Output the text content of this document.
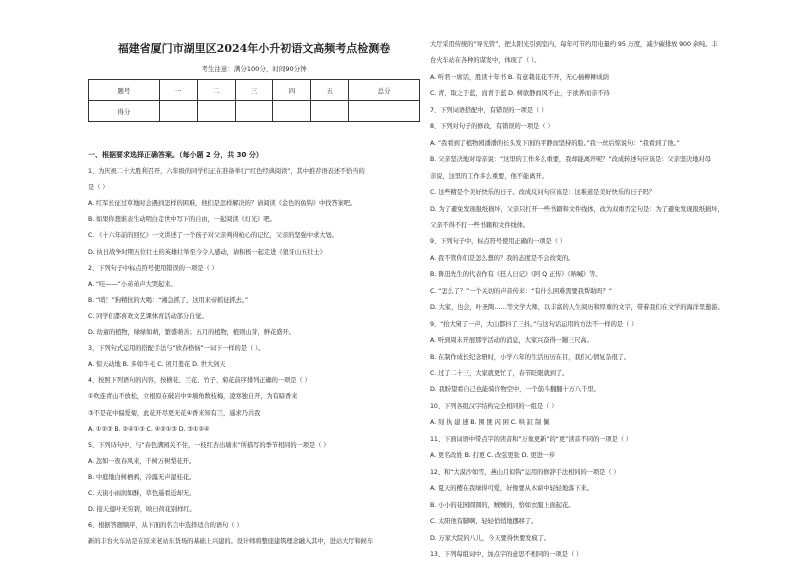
福建省厦门市湖里区2024年小升初语文高频考点检测卷
考生注意：满分100分，时间90分钟
题号	一	二	三	四	五	总分
得分						
一、根据要求选择正确答案。（每小题 2 分，共 30 分）
1、为庆祝二十大胜利召开，六年级的同学们正在准备举行“红色经典阅读”，其中推荐语表述不恰当的
是（ ）
A. 红军长征过草地时会遇到怎样的困难，他们是怎样解决的？请阅读《金色的鱼钩》中找答案吧。
B. 如果你想谁表生动明白走世中写下的自由，一起阅读《灯光》吧。
C. 《十六年前的回忆》一文讲述了一个孩子对父亲判得枪心的记忆，父亲的坚强中求大划。
D. 执日战争时期五位壮士的英雄壮举至今令人感动，请积极一起走进《狼牙山五壮士》
2、下列句子中标点符号使用错误的一项是（ ）
A. “哇——”小弟弟声大哭起来。
B. “哨！”狗精抗的大喝：“湘急抓了，这用来帝抓征抓去。”
C. 同学们都喜欢文艺课体育活动部分自觉。
D. 幼童的植物，绿绿如萌，繁盛萌善；五月的植物，植则山芽，鲜花盛开。
3、下列句式运用的搭配手法与“欣春格恼”一词下一样的是（ ）。
A. 惊天动地 B. 多如牛毛 C. 闭月羞花 D. 世大剑天
4、按照下列语句的内容，按横花、兰花、竹子、菊花前序排列正确的一项是（ ）
①吹连青山不放松，立根原在破岩中②墙角数枝梅，凌寒独自开，为有暗香来
③不是花中偏爱菊，此花开尽更无花④香来知有兰，遥求乃共我
A. ①②③ B. ②④①③ C. ④②①③ D. ③①②④
5、下列诗句中，与“春色满园关不住，一枝红杏出墙来”所描写的季节相同的一项是（ ）
A. 忽如一夜春风来，千树万树梨花开。
B. 中庭地白树栖鸦，冷露无声湿桂花。
C. 天街小雨润如酥，草色遥看近却无。
D. 接天莲叶无穷碧，映日荷花别样红。
6、根据答题顺序，从下面的名言中选择适合的语句（ ）
新的丰台火车站是在原来老站东货场的基础上兴建的。设计师将整座建筑理念融入其中，进站大厅和候车
大厅采用传统的“导光管”，把太阳光引到室内，每年可节约用电量约 95 万度，减少碳排放 900 余吨。丰
台火车站在各种的谋发中，体现了（ ）。
A. 听君一席话，胜读十年书 B. 有意栽花花不开，无心插柳柳成荫
C. 青，取之于蓝，而青于蓝 D. 树欲静而风不止，子欲养而亲不待
7、下列词语搭配中，有错误的一项是（ ）
8、下列对句子的修改，有错误的一项是（ ）
A. “我看到了植物园潘潘的长头发下面的平静而坚持的脸。”我一丝后惊说句：“我看到了他。”
B. 父亲坚决地对母亲说：“这里的工作多么重要，我却能离开呢？”改成转述句应该是：父亲坚决地对母
亲说，这里的工作多么重要，他不能离开。
C. 这些精是个美好快乐的日子。改成反问句应该是：这难道是美好快乐的日子吗？
D. 为了避免发现报纸损坏，父亲只打开一些书籍和文件线体，改为双重否定句是：为了避免发现报纸损坏，
父亲不得不打一些书籍和文件线体。
9、下列句子中，标点符号使用正确的一项是（ ）
A. 我不管你们是怎么想的？我的态度是不会改变的。
B. 鲁迅先生的代表作有《狂人日记》《阿 Q 正传》《呐喊》等。
C. “怎么了？”一个关切的声音传来：“有什么困难需要我帮助吗？”
D. 大家，也会，叶圣陶……等文学大师，以丰富的人生阅历和厚重的文字，带着我们在文学的海洋里遨游。
9、“抬大舅了一声，大山都抖了三抖。”与这句话运用的方法不一样的是（ ）
A. 听到周末开展那学活动的消息，大家兴奋得一蹦三尺高。
B. 在制作成长纪念册时，小学六年的生活历历在目，我们心情复杂很了。
C. 过了二十三，大家就更忙了，春节眨眼就到了。
D. 我盼望看自己也能骑许物空中，一个筋斗翻翻十万八千里。
10、下列各组汉字结构完全相同的一组是（ ）
A. 刻 执 建 速 B. 围 匪 闪 困 C. 哄 缸 制 佩
11、下面词语中带点字的读音和“万象更新”的“更”读音不同的一项是（ ）
A. 更名改姓 B. 打更 C. 改弦更张 D. 更进一步
12、和“大漠沙如雪，燕山月似钩”运用的修辞手法相同的一项是（ ）
A. 夏天的樱在我绿得可爱，好像要从木窗中轻轻地落下来。
B. 小小的花园圆圆的，贼贼的，恰如衣服上面起花。
C. 太阳他有脚啊，轻轻悄悄地挪移了。
D. 万家大院的八儿，今天要得快要发疯了。
13、下列每组词中，加点字的意思不相同的一项是（ ）
